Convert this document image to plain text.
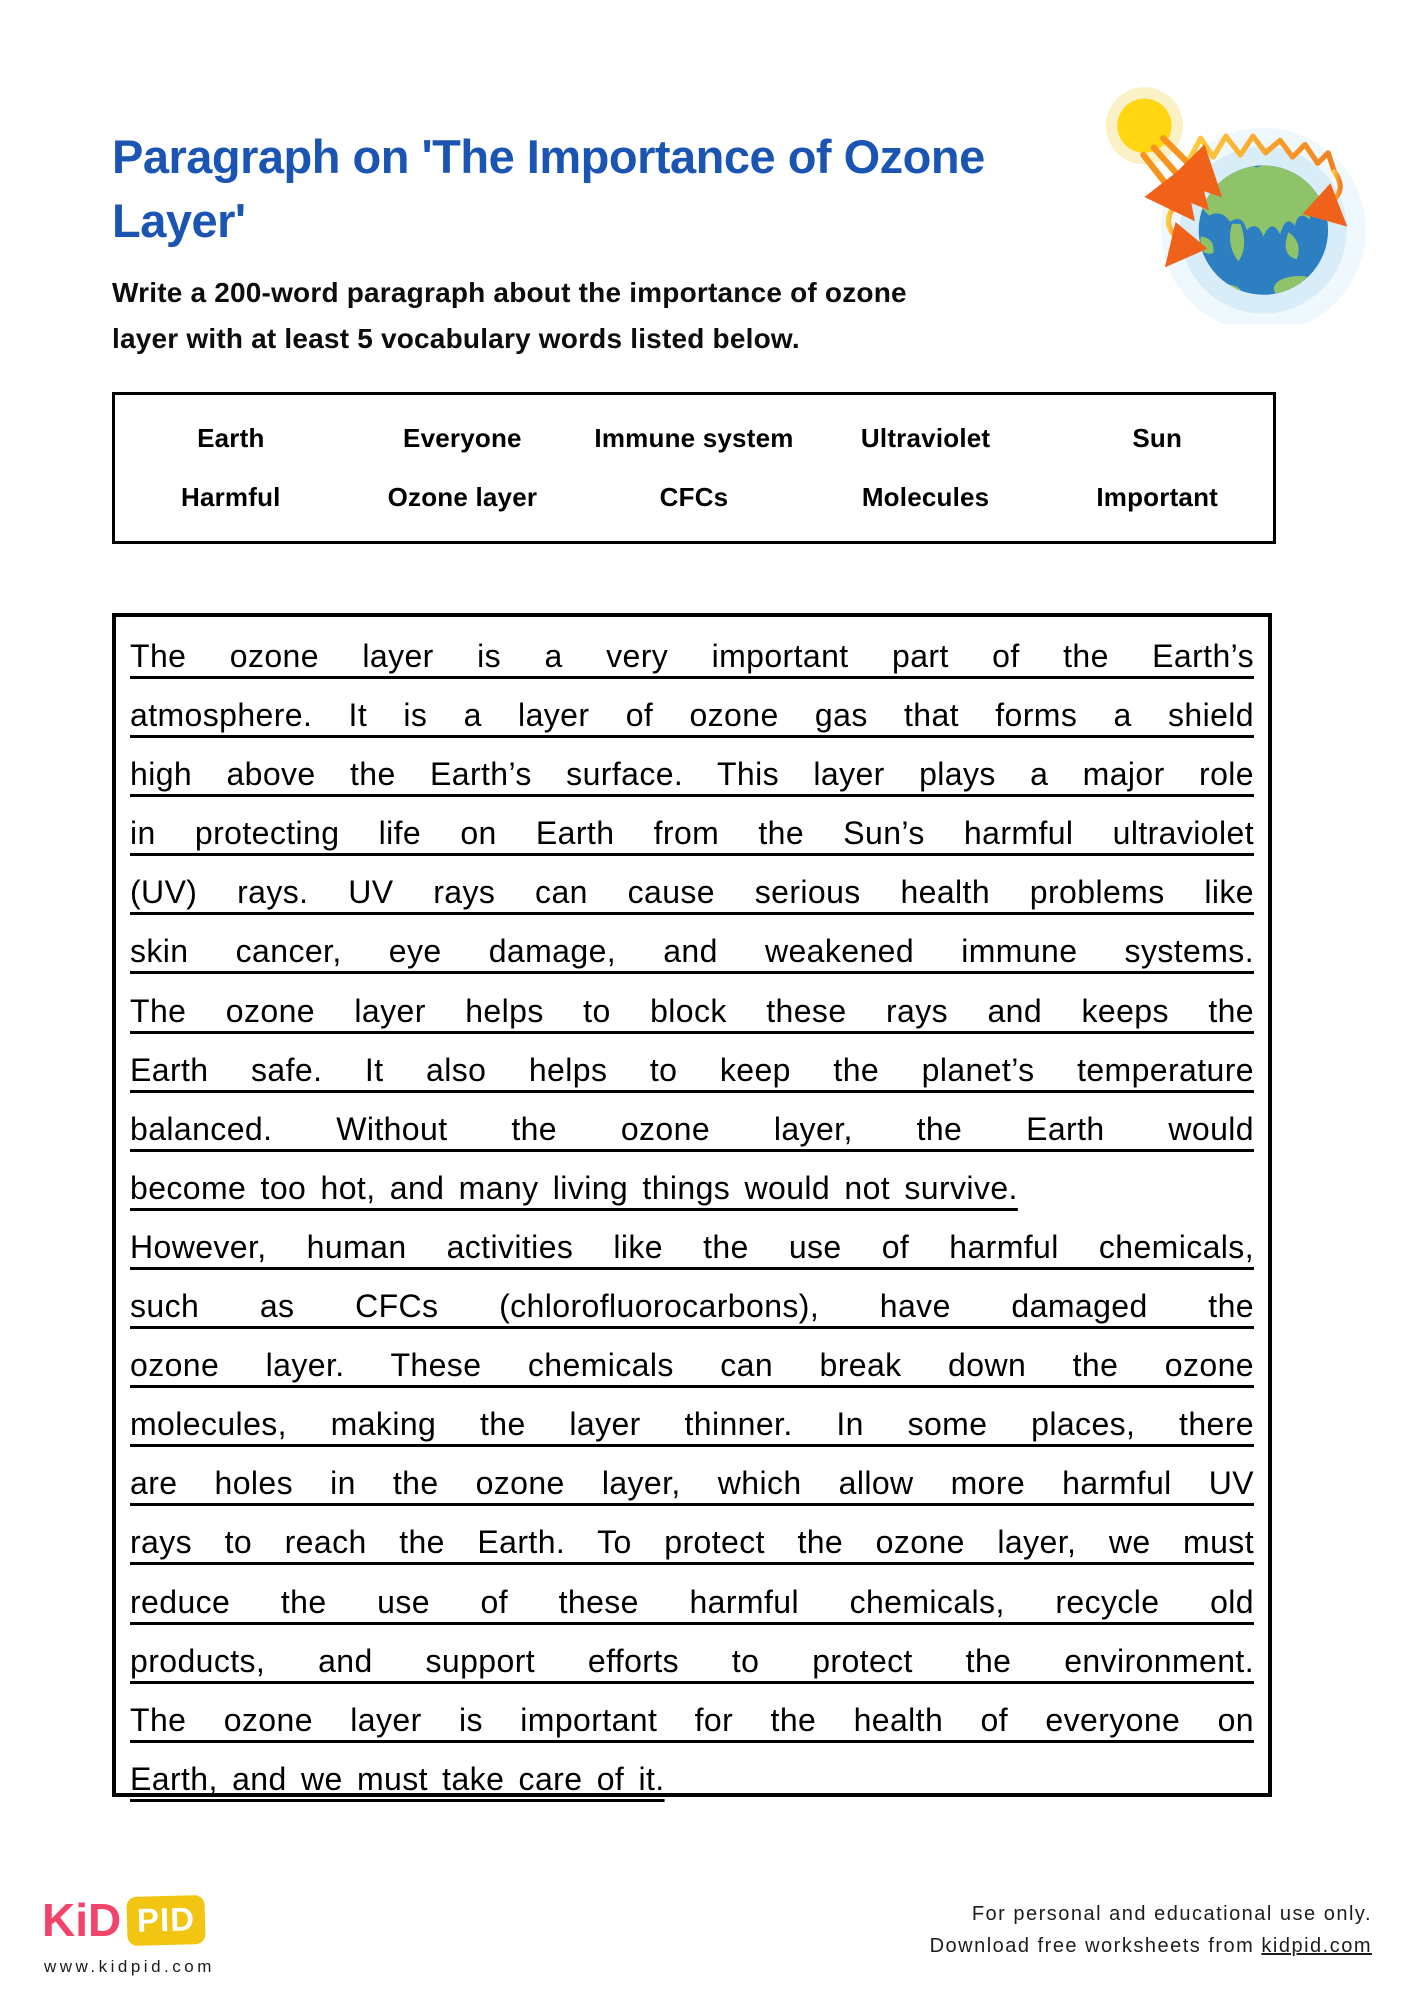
Paragraph on 'The Importance of Ozone
Layer'

Write a 200-word paragraph about the importance of ozone
layer with at least 5 vocabulary words listed below.

Earth	Everyone	Immune system	Ultraviolet	Sun
Harmful	Ozone layer	CFCs	Molecules	Important
The ozone layer is a very important part of the Earth’s
atmosphere. It is a layer of ozone gas that forms a shield
high above the Earth’s surface. This layer plays a major role
in protecting life on Earth from the Sun’s harmful ultraviolet
(UV) rays. UV rays can cause serious health problems like
skin cancer, eye damage, and weakened immune systems.
The ozone layer helps to block these rays and keeps the
Earth safe. It also helps to keep the planet’s temperature
balanced. Without the ozone layer, the Earth would
become too hot, and many living things would not survive.
However, human activities like the use of harmful chemicals,
such as CFCs (chlorofluorocarbons), have damaged the
ozone layer. These chemicals can break down the ozone
molecules, making the layer thinner. In some places, there
are holes in the ozone layer, which allow more harmful UV
rays to reach the Earth. To protect the ozone layer, we must
reduce the use of these harmful chemicals, recycle old
products, and support efforts to protect the environment.
The ozone layer is important for the health of everyone on
Earth, and we must take care of it.
KiD PID
www.kidpid.com
For personal and educational use only.
Download free worksheets from kidpid.com
